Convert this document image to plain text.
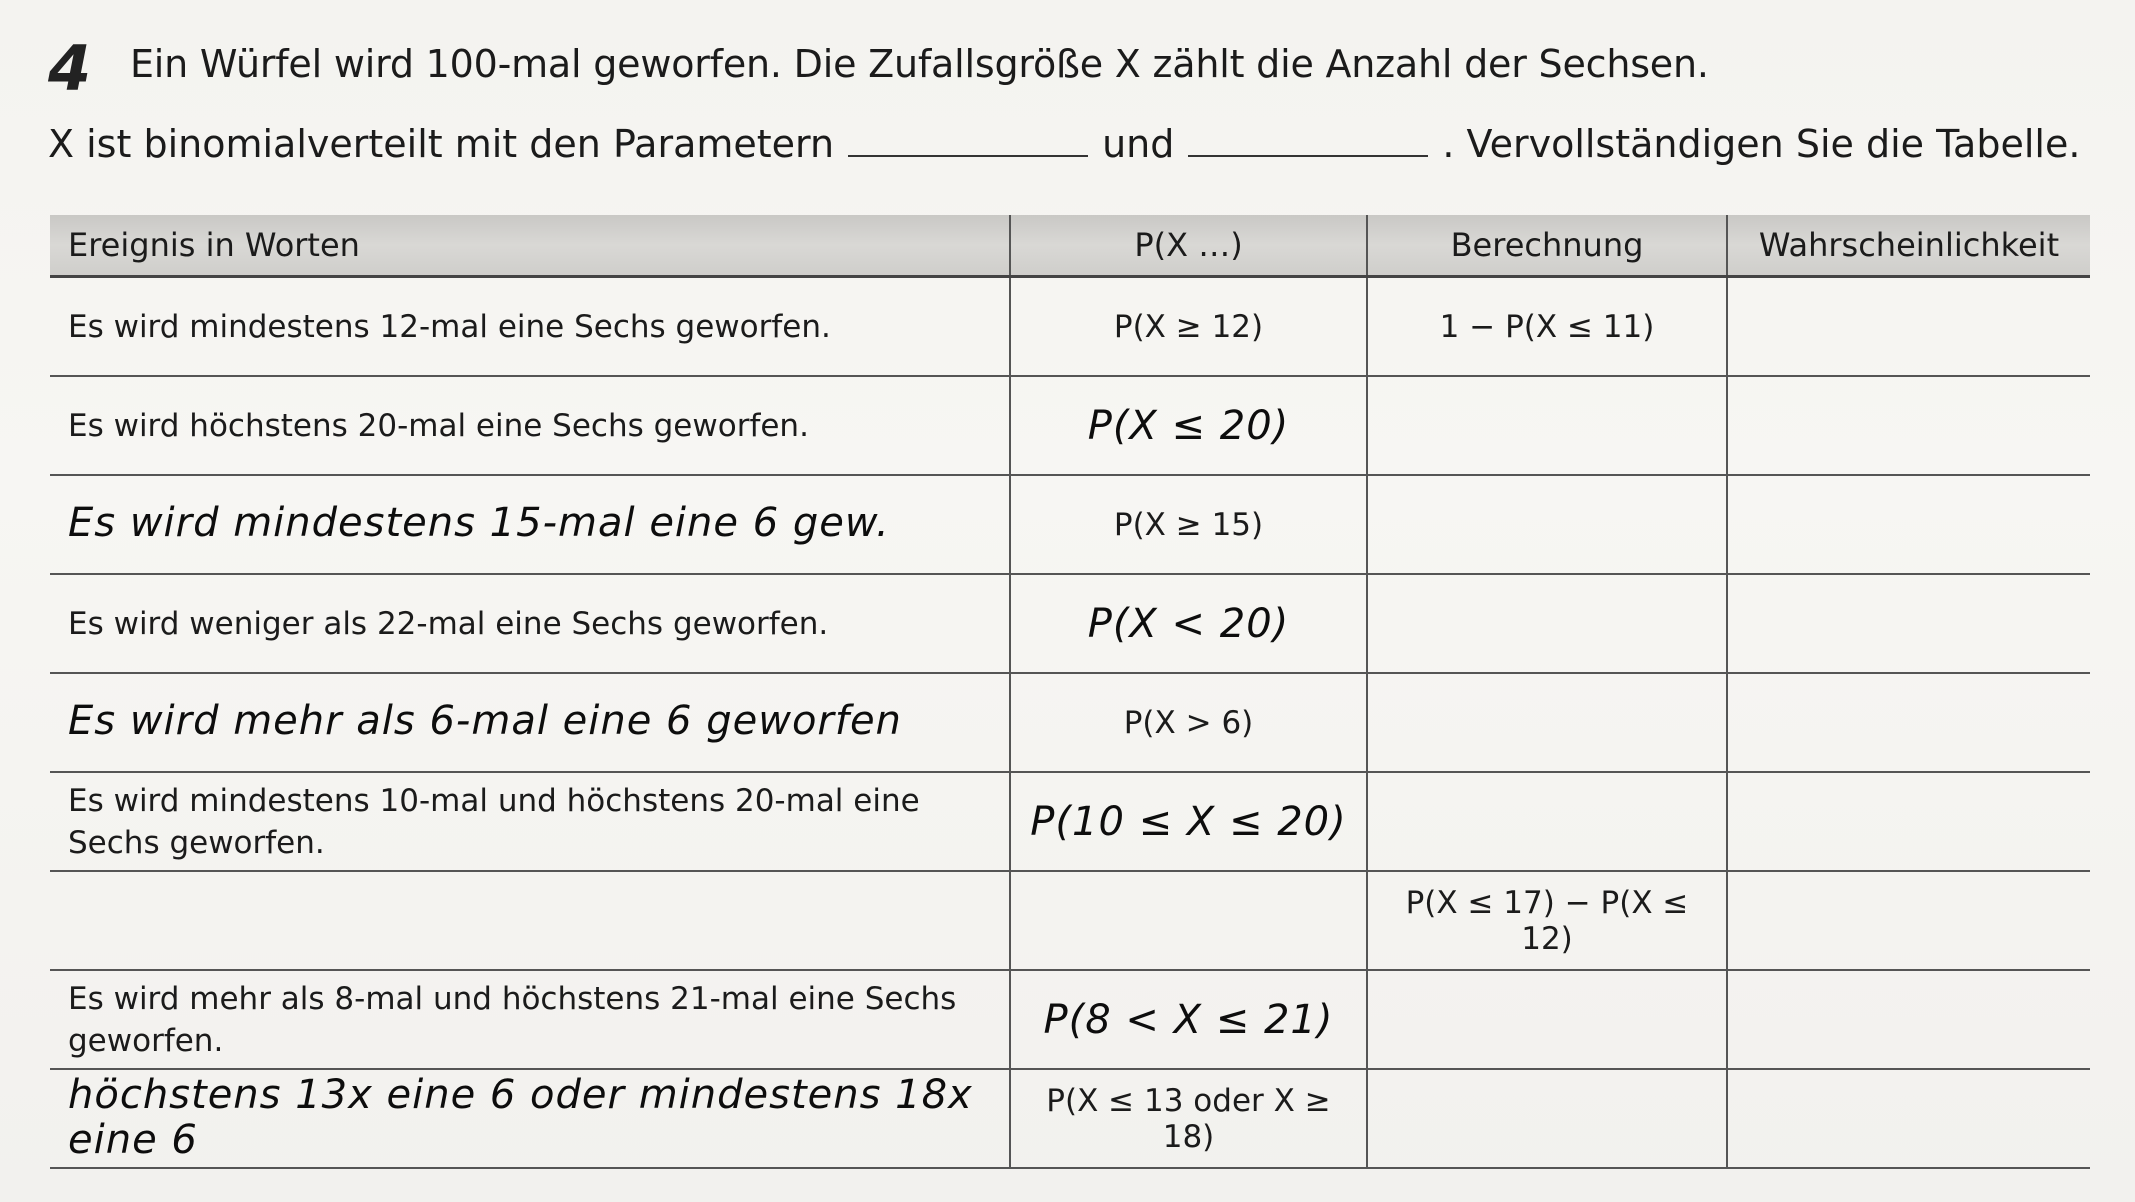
4 Ein Würfel wird 100-mal geworfen. Die Zufallsgröße X zählt die Anzahl der Sechsen.
X ist binomialverteilt mit den Parametern	und	. Vervollständigen Sie die Tabelle.
Ereignis in Worten	P(X …)	Berechnung	Wahrscheinlichkeit
Es wird mindestens 12-mal eine Sechs geworfen.	P(X ≥ 12)	1 − P(X ≤ 11)	
Es wird höchstens 20-mal eine Sechs geworfen.	P(X ≤ 20)		
Es wird mindestens 15-mal eine 6 gew.	P(X ≥ 15)		
Es wird weniger als 22-mal eine Sechs geworfen.	P(X < 20)		
Es wird mehr als 6-mal eine 6 geworfen	P(X > 6)		
Es wird mindestens 10-mal und höchstens 20-mal eine Sechs geworfen.	P(10 ≤ X ≤ 20)		
		P(X ≤ 17) − P(X ≤ 12)	
Es wird mehr als 8-mal und höchstens 21-mal eine Sechs geworfen.	P(8 < X ≤ 21)		
höchstens 13x eine 6 oder mindestens 18x eine 6	P(X ≤ 13 oder X ≥ 18)		
